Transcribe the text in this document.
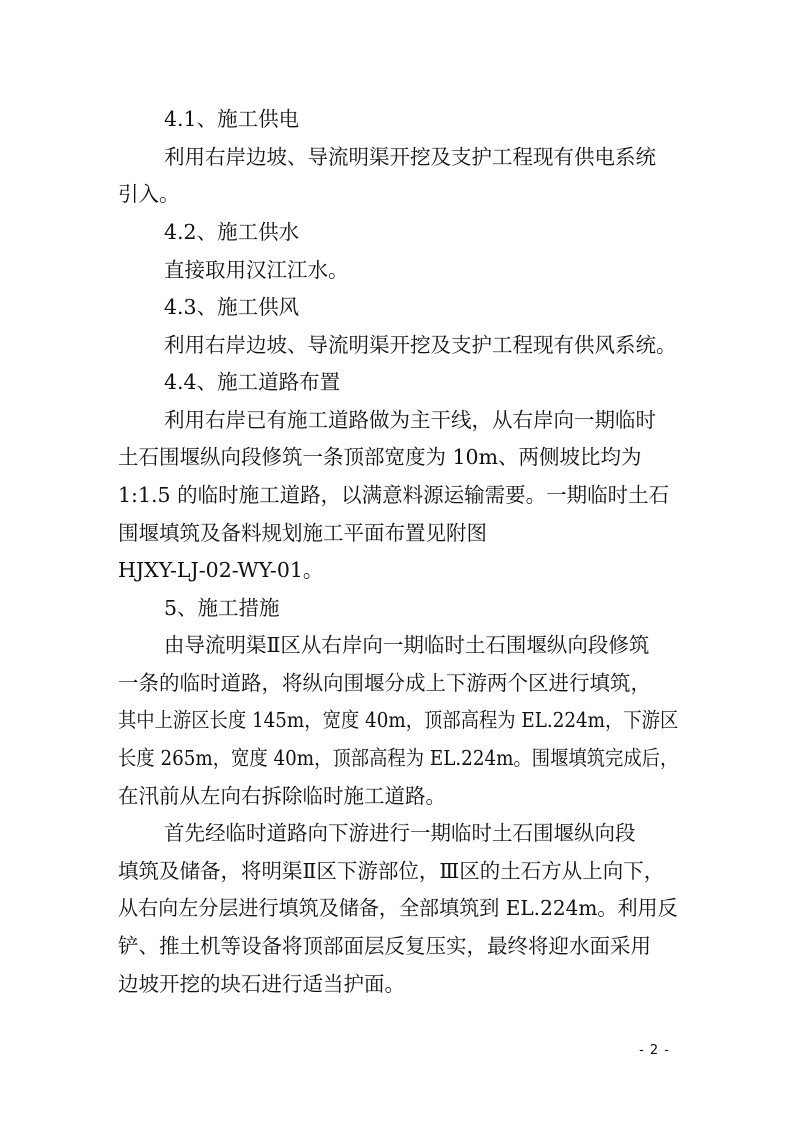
4.1、施工供电
利用右岸边坡、导流明渠开挖及支护工程现有供电系统
引入。
4.2、施工供水
直接取用汉江江水。
4.3、施工供风
利用右岸边坡、导流明渠开挖及支护工程现有供风系统。
4.4、施工道路布置
利用右岸已有施工道路做为主干线，从右岸向一期临时
土石围堰纵向段修筑一条顶部宽度为 10m、两侧坡比均为
1:1.5 的临时施工道路，以满意料源运输需要。一期临时土石
围堰填筑及备料规划施工平面布置见附图
HJXY-LJ-02-WY-01。
5、施工措施
由导流明渠Ⅱ区从右岸向一期临时土石围堰纵向段修筑
一条的临时道路，将纵向围堰分成上下游两个区进行填筑，
其中上游区长度 145m，宽度 40m，顶部高程为 EL.224m，下游区
长度 265m，宽度 40m，顶部高程为 EL.224m。围堰填筑完成后，
在汛前从左向右拆除临时施工道路。
首先经临时道路向下游进行一期临时土石围堰纵向段
填筑及储备，将明渠Ⅱ区下游部位，Ⅲ区的土石方从上向下，
从右向左分层进行填筑及储备，全部填筑到 EL.224m。利用反
铲、推土机等设备将顶部面层反复压实，最终将迎水面采用
边坡开挖的块石进行适当护面。
- 2 -
